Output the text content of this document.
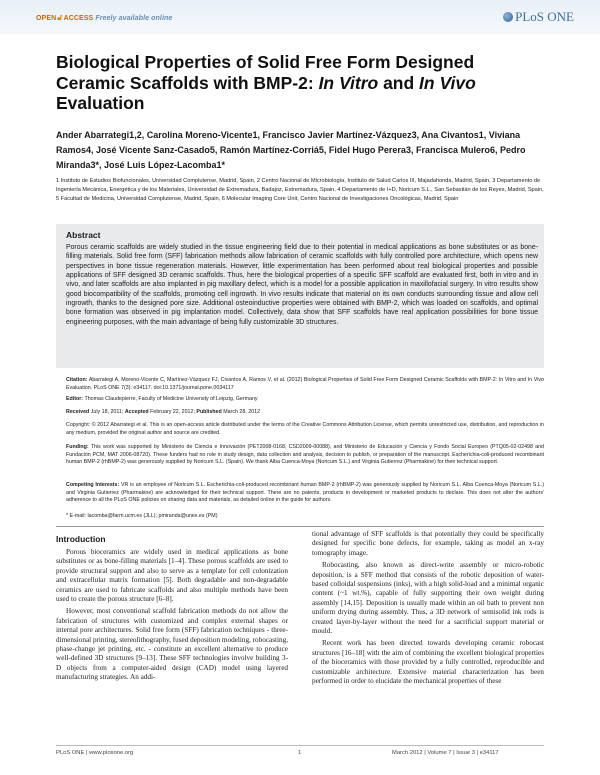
OPEN🔓︎ACCESS Freely available online	PLoS ONE
Biological Properties of Solid Free Form Designed Ceramic Scaffolds with BMP-2: In Vitro and In Vivo Evaluation
Ander Abarrategi1,2, Carolina Moreno-Vicente1, Francisco Javier Martínez-Vázquez3, Ana Civantos1, Viviana Ramos4, José Vicente Sanz-Casado5, Ramón Martínez-Corriá5, Fidel Hugo Perera3, Francisca Mulero6, Pedro Miranda3*, José Luis López-Lacomba1*
1 Instituto de Estudios Biofuncionales, Universidad Complutense, Madrid, Spain, 2 Centro Nacional de Microbiología, Instituto de Salud Carlos III, Majadahonda, Madrid, Spain, 3 Departamento de Ingeniería Mecánica, Energética y de los Materiales, Universidad de Extremadura, Badajoz, Extremadura, Spain, 4 Departamento de I+D, Noricum S.L., San Sebastián de los Reyes, Madrid, Spain, 5 Facultad de Medicina, Universidad Complutense, Madrid, Spain, 6 Molecular Imaging Core Unit, Centro Nacional de Investigaciones Oncológicas, Madrid, Spain
Abstract
Porous ceramic scaffolds are widely studied in the tissue engineering field due to their potential in medical applications as bone substitutes or as bone-filling materials. Solid free form (SFF) fabrication methods allow fabrication of ceramic scaffolds with fully controlled pore architecture, which opens new perspectives in bone tissue regeneration materials. However, little experimentation has been performed about real biological properties and possible applications of SFF designed 3D ceramic scaffolds. Thus, here the biological properties of a specific SFF scaffold are evaluated first, both in vitro and in vivo, and later scaffolds are also implanted in pig maxillary defect, which is a model for a possible application in maxillofacial surgery. In vitro results show good biocompatibility of the scaffolds, promoting cell ingrowth. In vivo results indicate that material on its own conducts surrounding tissue and allow cell ingrowth, thanks to the designed pore size. Additional osteoinductive properties were obtained with BMP-2, which was loaded on scaffolds, and optimal bone formation was observed in pig implantation model. Collectively, data show that SFF scaffolds have real application possibilities for bone tissue engineering purposes, with the main advantage of being fully customizable 3D structures.
Citation: Abarrategi A, Moreno-Vicente C, Martínez-Vázquez FJ, Civantos A, Ramos V, et al. (2012) Biological Properties of Solid Free Form Designed Ceramic Scaffolds with BMP-2: In Vitro and In Vivo Evaluation. PLoS ONE 7(3): e34117. doi:10.1371/journal.pone.0034117
Editor: Thomas Claudepierre, Faculty of Medicine University of Leipzig, Germany
Received July 18, 2011; Accepted February 22, 2012; Published March 28, 2012
Copyright: © 2012 Abarrategi et al. This is an open-access article distributed under the terms of the Creative Commons Attribution License, which permits unrestricted use, distribution, and reproduction in any medium, provided the original author and source are credited.
Funding: This work was supported by Ministerio de Ciencia e Innovación (PET2008-0168, CSD2009-00088), and Ministerio de Educación y Ciencia y Fondo Social Europeo (PTQ05-02-02498 and Fundación PCM, MAT 2006-08720). These funders had no role in study design, data collection and analysis, decision to publish, or preparation of the manuscript. Escherichia-coli-produced recombinant human BMP-2 (rhBMP-2) was generously supplied by Noricum S.L. (Spain). We thank Alba Cuenca-Moya (Noricum S.L.) and Virginia Gutierrez (Pharmakine) for their technical support.
Competing Interests: VR is an employee of Noricum S.L. Escherichia-coli-produced recombinant human BMP-2 (rhBMP-2) was generously supplied by Noricum S.L. Alba Cuenca-Moya (Noricum S.L.) and Virginia Gutierrez (Pharmakine) are acknowledged for their technical support. There are no patents, products in development or marketed products to declare. This does not alter the authors' adherence to all the PLoS ONE policies on sharing data and materials, as detailed online in the guide for authors.
* E-mail: lacomba@farm.ucm.es (JLL); pmiranda@unex.es (PM)
Introduction

Porous bioceramics are widely used in medical applications as bone substitutes or as bone-filling materials [1–4]. These porous scaffolds are used to provide structural support and also to serve as a template for cell colonization and extracellular matrix formation [5]. Both degradable and non-degradable ceramics are used to fabricate scaffolds and also multiple methods have been used to create the porous structure [6–8].

However, most conventional scaffold fabrication methods do not allow the fabrication of structures with customized and complex external shapes or internal pore architectures. Solid free form (SFF) fabrication techniques - three-dimensional printing, stereolithography, fused deposition modeling, robocasting, phase-change jet printing, etc. - constitute an excellent alternative to produce well-defined 3D structures [9–13]. These SFF technologies involve building 3-D objects from a computer-aided design (CAD) model using layered manufacturing strategies. An addi-

tional advantage of SFF scaffolds is that potentially they could be specifically designed for specific bone defects, for example, taking as model an x-ray tomography image.

Robocasting, also known as direct-write assembly or micro-robotic deposition, is a SFF method that consists of the robotic deposition of water-based colloidal suspensions (inks), with a high solid-load and a minimal organic content (~1 wt.%), capable of fully supporting their own weight during assembly [14,15]. Deposition is usually made within an oil bath to prevent non uniform drying during assembly. Thus, a 3D network of semisolid ink rods is created layer-by-layer without the need for a sacrificial support material or mould.

Recent work has been directed towards developing ceramic robocast structures [16–18] with the aim of combining the excellent biological properties of the bioceramics with those provided by a fully controlled, reproducible and customizable architecture. Extensive material characterization has been performed in order to elucidate the mechanical properties of these

PLoS ONE | www.plosone.org	1	March 2012 | Volume 7 | Issue 3 | e34117
